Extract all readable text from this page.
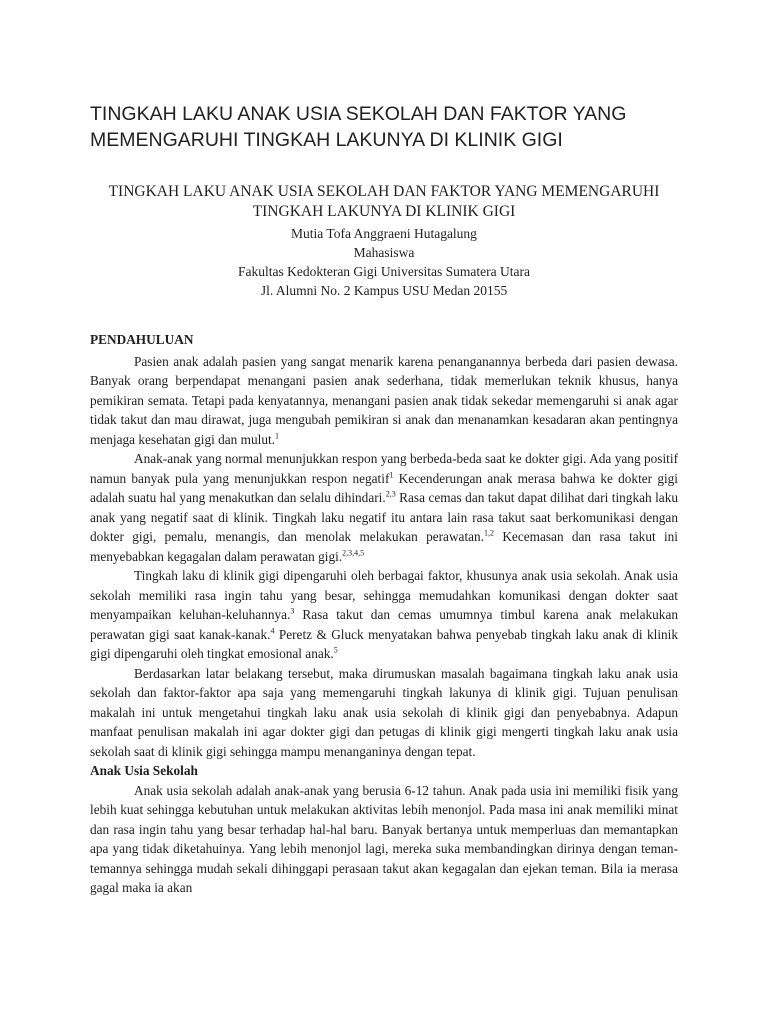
TINGKAH LAKU ANAK USIA SEKOLAH DAN FAKTOR YANG MEMENGARUHI TINGKAH LAKUNYA DI KLINIK GIGI
TINGKAH LAKU ANAK USIA SEKOLAH DAN FAKTOR YANG MEMENGARUHI TINGKAH LAKUNYA DI KLINIK GIGI
Mutia Tofa Anggraeni Hutagalung
Mahasiswa
Fakultas Kedokteran Gigi Universitas Sumatera Utara
Jl. Alumni No. 2 Kampus USU Medan 20155

PENDAHULUAN

Pasien anak adalah pasien yang sangat menarik karena penanganannya berbeda dari pasien dewasa. Banyak orang berpendapat menangani pasien anak sederhana, tidak memerlukan teknik khusus, hanya pemikiran semata. Tetapi pada kenyatannya, menangani pasien anak tidak sekedar memengaruhi si anak agar tidak takut dan mau dirawat, juga mengubah pemikiran si anak dan menanamkan kesadaran akan pentingnya menjaga kesehatan gigi dan mulut.$^1$

Anak-anak yang normal menunjukkan respon yang berbeda-beda saat ke dokter gigi. Ada yang positif namun banyak pula yang menunjukkan respon negatif$^1$ Kecenderungan anak merasa bahwa ke dokter gigi adalah suatu hal yang menakutkan dan selalu dihindari.$^{2,3}$ Rasa cemas dan takut dapat dilihat dari tingkah laku anak yang negatif saat di klinik. Tingkah laku negatif itu antara lain rasa takut saat berkomunikasi dengan dokter gigi, pemalu, menangis, dan menolak melakukan perawatan.$^{1,2}$ Kecemasan dan rasa takut ini menyebabkan kegagalan dalam perawatan gigi.$^{2,3,4,5}$

Tingkah laku di klinik gigi dipengaruhi oleh berbagai faktor, khusunya anak usia sekolah. Anak usia sekolah memiliki rasa ingin tahu yang besar, sehingga memudahkan komunikasi dengan dokter saat menyampaikan keluhan-keluhannya.$^3$ Rasa takut dan cemas umumnya timbul karena anak melakukan perawatan gigi saat kanak-kanak.$^4$ Peretz & Gluck menyatakan bahwa penyebab tingkah laku anak di klinik gigi dipengaruhi oleh tingkat emosional anak.$^5$

Berdasarkan latar belakang tersebut, maka dirumuskan masalah bagaimana tingkah laku anak usia sekolah dan faktor-faktor apa saja yang memengaruhi tingkah lakunya di klinik gigi. Tujuan penulisan makalah ini untuk mengetahui tingkah laku anak usia sekolah di klinik gigi dan penyebabnya. Adapun manfaat penulisan makalah ini agar dokter gigi dan petugas di klinik gigi mengerti tingkah laku anak usia sekolah saat di klinik gigi sehingga mampu menanganinya dengan tepat.

Anak Usia Sekolah

Anak usia sekolah adalah anak-anak yang berusia 6-12 tahun. Anak pada usia ini memiliki fisik yang lebih kuat sehingga kebutuhan untuk melakukan aktivitas lebih menonjol. Pada masa ini anak memiliki minat dan rasa ingin tahu yang besar terhadap hal-hal baru. Banyak bertanya untuk memperluas dan memantapkan apa yang tidak diketahuinya. Yang lebih menonjol lagi, mereka suka membandingkan dirinya dengan teman-temannya sehingga mudah sekali dihinggapi perasaan takut akan kegagalan dan ejekan teman. Bila ia merasa gagal maka ia akan
